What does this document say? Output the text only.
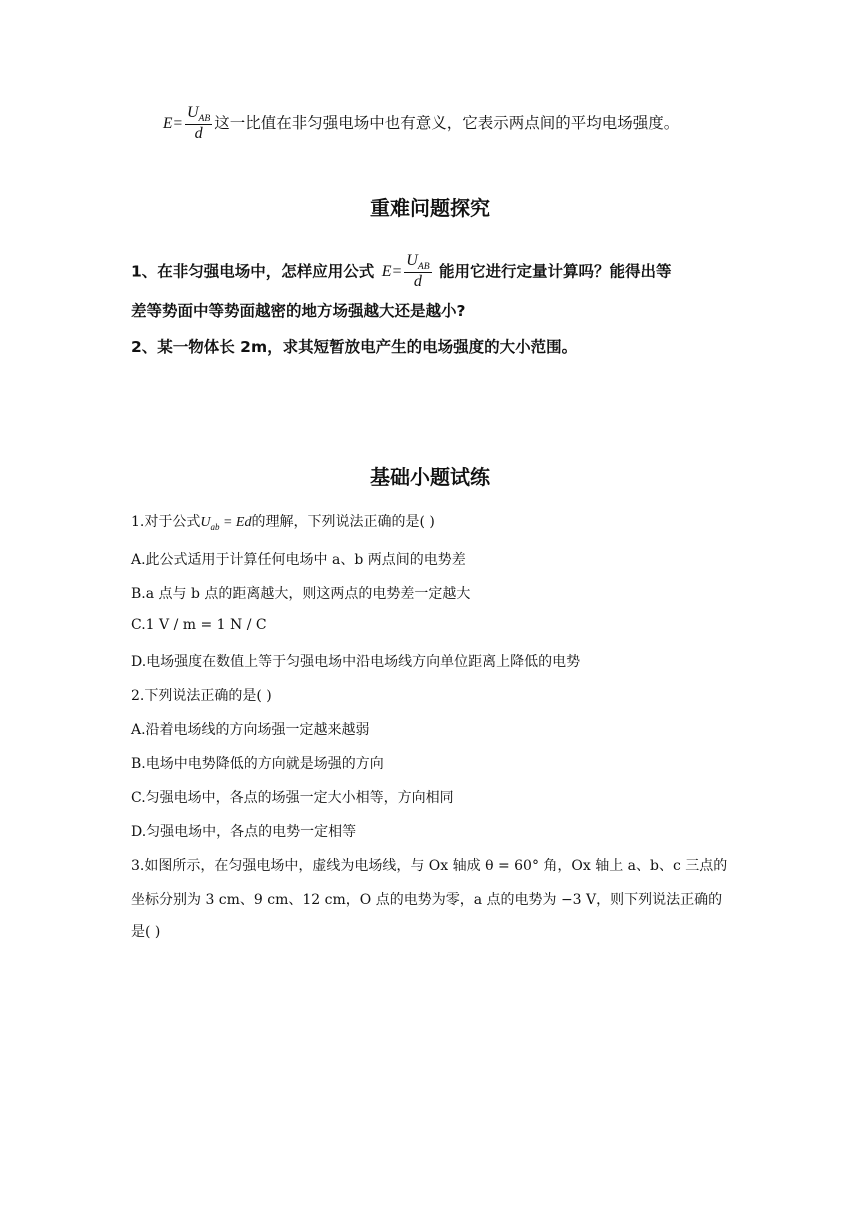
$E= \frac{U_{AB}}{d}$ 这一比值在非匀强电场中也有意义，它表示两点间的平均电场强度。
重难问题探究
1、在非匀强电场中，怎样应用公式 $E= \frac{U_{AB}}{d}$ 能用它进行定量计算吗？能得出等
差等势面中等势面越密的地方场强越大还是越小?
2、某一物体长 2m，求其短暂放电产生的电场强度的大小范围。
基础小题试练
1.对于公式$U_{ab} = Ed$的理解，下列说法正确的是( )
A.此公式适用于计算任何电场中 a、b 两点间的电势差
B.a 点与 b 点的距离越大，则这两点的电势差一定越大
C.1 V / m = 1 N / C
D.电场强度在数值上等于匀强电场中沿电场线方向单位距离上降低的电势
2.下列说法正确的是( )
A.沿着电场线的方向场强一定越来越弱
B.电场中电势降低的方向就是场强的方向
C.匀强电场中，各点的场强一定大小相等，方向相同
D.匀强电场中，各点的电势一定相等
3.如图所示，在匀强电场中，虚线为电场线，与 Ox 轴成 θ = 60° 角，Ox 轴上 a、b、c 三点的
坐标分别为 3 cm、9 cm、12 cm，O 点的电势为零，a 点的电势为 −3 V，则下列说法正确的
是( )
